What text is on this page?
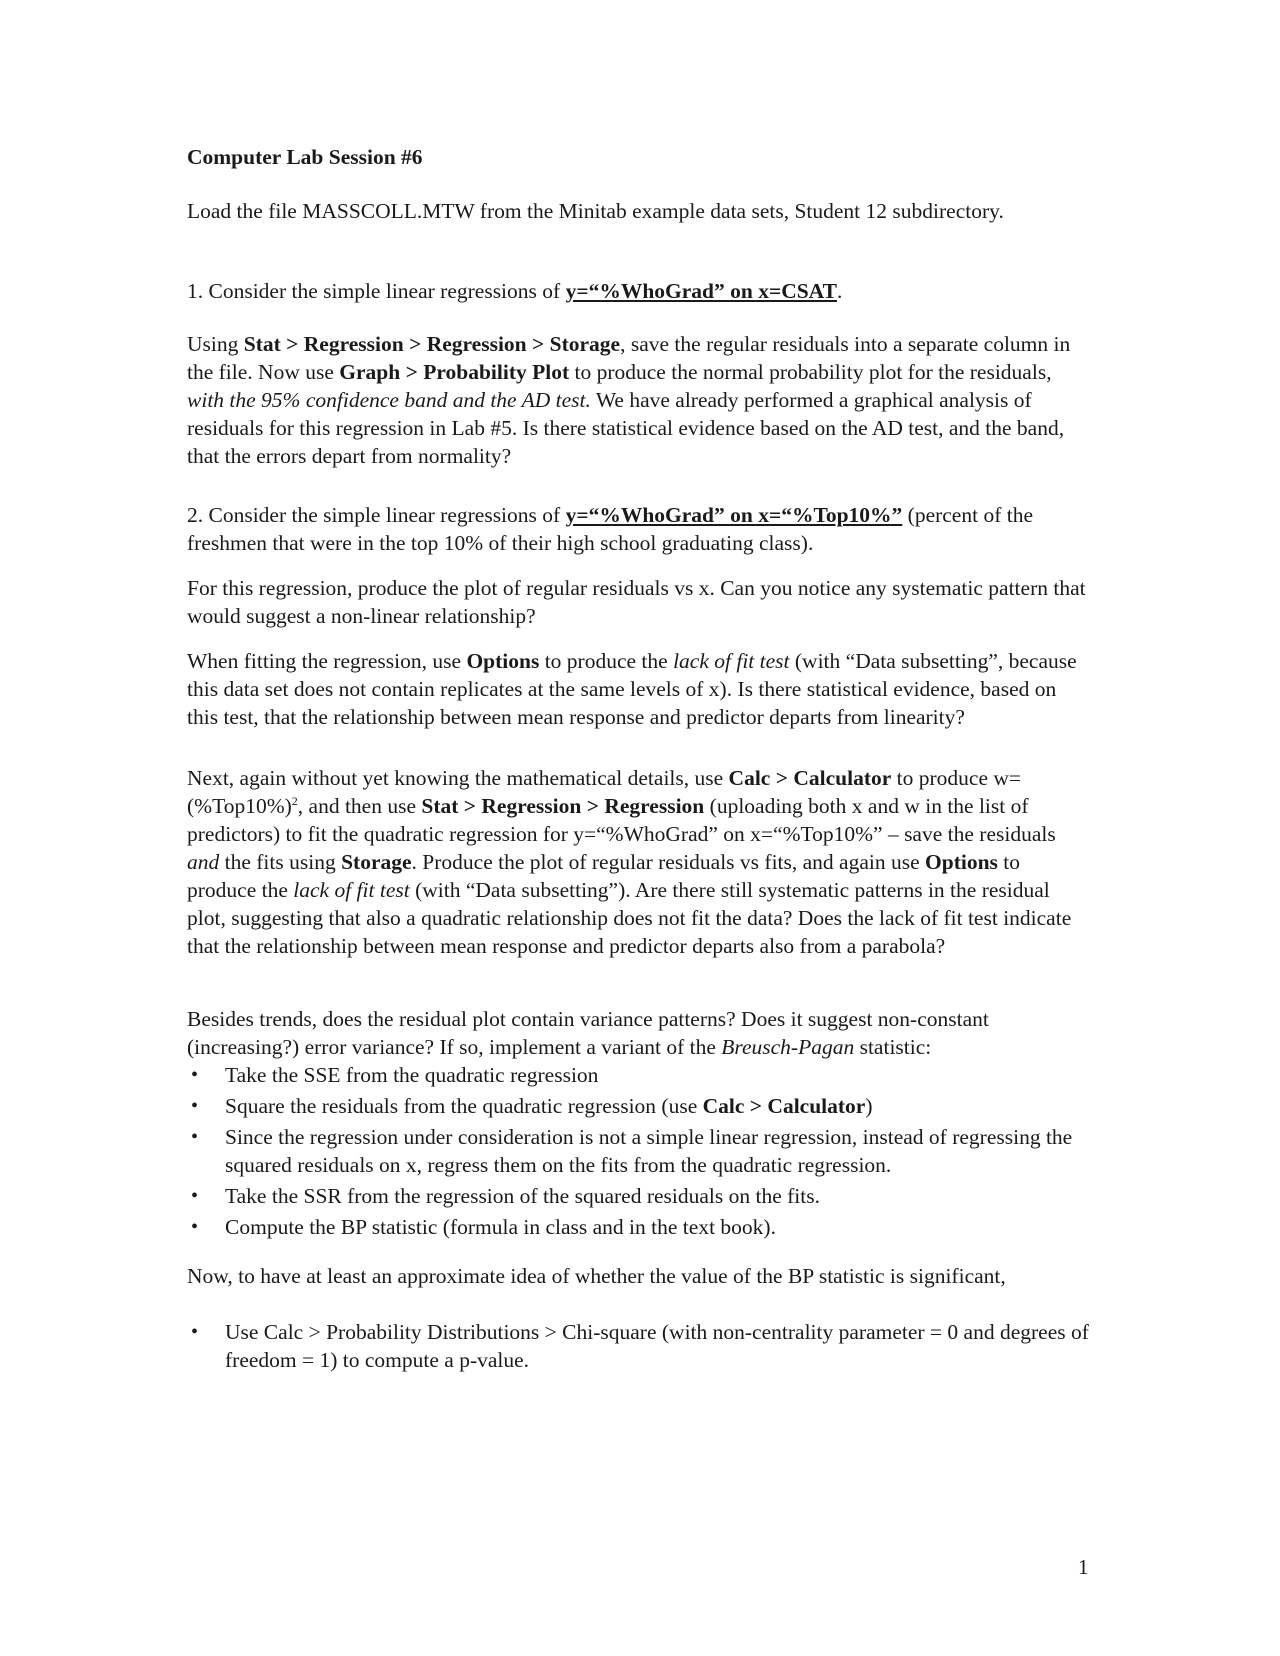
Computer Lab Session #6

Load the file MASSCOLL.MTW from the Minitab example data sets, Student 12 subdirectory.

1. Consider the simple linear regressions of y=“%WhoGrad” on x=CSAT.

Using Stat > Regression > Regression > Storage, save the regular residuals into a separate column in the file. Now use Graph > Probability Plot to produce the normal probability plot for the residuals, with the 95% confidence band and the AD test. We have already performed a graphical analysis of residuals for this regression in Lab #5. Is there statistical evidence based on the AD test, and the band, that the errors depart from normality?

2. Consider the simple linear regressions of y=“%WhoGrad” on x=“%Top10%” (percent of the freshmen that were in the top 10% of their high school graduating class).

For this regression, produce the plot of regular residuals vs x. Can you notice any systematic pattern that would suggest a non-linear relationship?

When fitting the regression, use Options to produce the lack of fit test (with “Data subsetting”, because this data set does not contain replicates at the same levels of x). Is there statistical evidence, based on this test, that the relationship between mean response and predictor departs from linearity?

Next, again without yet knowing the mathematical details, use Calc > Calculator to produce $w=(\%Top10\%)^2$, and then use Stat > Regression > Regression (uploading both x and w in the list of predictors) to fit the quadratic regression for y=“%WhoGrad” on x=“%Top10%” – save the residuals and the fits using Storage. Produce the plot of regular residuals vs fits, and again use Options to produce the lack of fit test (with “Data subsetting”). Are there still systematic patterns in the residual plot, suggesting that also a quadratic relationship does not fit the data? Does the lack of fit test indicate that the relationship between mean response and predictor departs also from a parabola?

Besides trends, does the residual plot contain variance patterns? Does it suggest non-constant (increasing?) error variance? If so, implement a variant of the Breusch-Pagan statistic:

• Take the SSE from the quadratic regression
• Square the residuals from the quadratic regression (use Calc > Calculator)
• Since the regression under consideration is not a simple linear regression, instead of regressing the squared residuals on x, regress them on the fits from the quadratic regression.
• Take the SSR from the regression of the squared residuals on the fits.
• Compute the BP statistic (formula in class and in the text book).

Now, to have at least an approximate idea of whether the value of the BP statistic is significant,

• Use Calc > Probability Distributions > Chi-square (with non-centrality parameter = 0 and degrees of freedom = 1) to compute a p-value.
1
